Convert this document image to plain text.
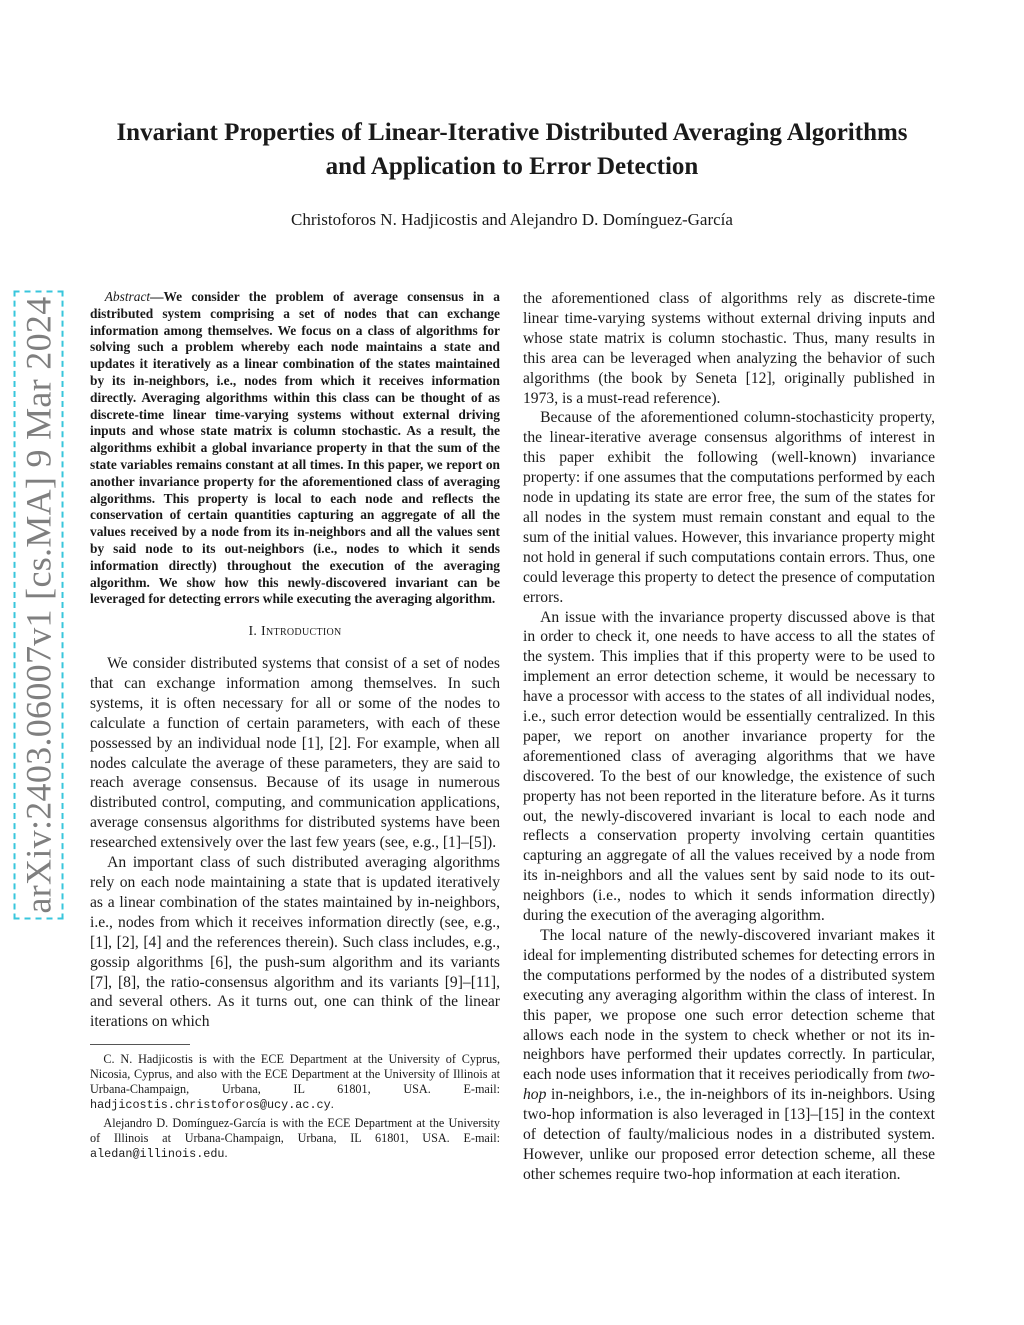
arXiv:2403.06007v1 [cs.MA] 9 Mar 2024
Invariant Properties of Linear-Iterative Distributed Averaging Algorithms and Application to Error Detection
Christoforos N. Hadjicostis and Alejandro D. Domínguez-García

Abstract—We consider the problem of average consensus in a distributed system comprising a set of nodes that can exchange information among themselves. We focus on a class of algorithms for solving such a problem whereby each node maintains a state and updates it iteratively as a linear combination of the states maintained by its in-neighbors, i.e., nodes from which it receives information directly. Averaging algorithms within this class can be thought of as discrete-time linear time-varying systems without external driving inputs and whose state matrix is column stochastic. As a result, the algorithms exhibit a global invariance property in that the sum of the state variables remains constant at all times. In this paper, we report on another invariance property for the aforementioned class of averaging algorithms. This property is local to each node and reflects the conservation of certain quantities capturing an aggregate of all the values received by a node from its in-neighbors and all the values sent by said node to its out-neighbors (i.e., nodes to which it sends information directly) throughout the execution of the averaging algorithm. We show how this newly-discovered invariant can be leveraged for detecting errors while executing the averaging algorithm.

I. Introduction

We consider distributed systems that consist of a set of nodes that can exchange information among themselves. In such systems, it is often necessary for all or some of the nodes to calculate a function of certain parameters, with each of these possessed by an individual node [1], [2]. For example, when all nodes calculate the average of these parameters, they are said to reach average consensus. Because of its usage in numerous distributed control, computing, and communication applications, average consensus algorithms for distributed systems have been researched extensively over the last few years (see, e.g., [1]–[5]).

An important class of such distributed averaging algorithms rely on each node maintaining a state that is updated iteratively as a linear combination of the states maintained by in-neighbors, i.e., nodes from which it receives information directly (see, e.g., [1], [2], [4] and the references therein). Such class includes, e.g., gossip algorithms [6], the push-sum algorithm and its variants [7], [8], the ratio-consensus algorithm and its variants [9]–[11], and several others. As it turns out, one can think of the linear iterations on which

C. N. Hadjicostis is with the ECE Department at the University of Cyprus, Nicosia, Cyprus, and also with the ECE Department at the University of Illinois at Urbana-Champaign, Urbana, IL 61801, USA. E-mail: hadjicostis.christoforos@ucy.ac.cy.

Alejandro D. Domínguez-García is with the ECE Department at the University of Illinois at Urbana-Champaign, Urbana, IL 61801, USA. E-mail: aledan@illinois.edu.

the aforementioned class of algorithms rely as discrete-time linear time-varying systems without external driving inputs and whose state matrix is column stochastic. Thus, many results in this area can be leveraged when analyzing the behavior of such algorithms (the book by Seneta [12], originally published in 1973, is a must-read reference).

Because of the aforementioned column-stochasticity property, the linear-iterative average consensus algorithms of interest in this paper exhibit the following (well-known) invariance property: if one assumes that the computations performed by each node in updating its state are error free, the sum of the states for all nodes in the system must remain constant and equal to the sum of the initial values. However, this invariance property might not hold in general if such computations contain errors. Thus, one could leverage this property to detect the presence of computation errors.

An issue with the invariance property discussed above is that in order to check it, one needs to have access to all the states of the system. This implies that if this property were to be used to implement an error detection scheme, it would be necessary to have a processor with access to the states of all individual nodes, i.e., such error detection would be essentially centralized. In this paper, we report on another invariance property for the aforementioned class of averaging algorithms that we have discovered. To the best of our knowledge, the existence of such property has not been reported in the literature before. As it turns out, the newly-discovered invariant is local to each node and reflects a conservation property involving certain quantities capturing an aggregate of all the values received by a node from its in-neighbors and all the values sent by said node to its out-neighbors (i.e., nodes to which it sends information directly) during the execution of the averaging algorithm.

The local nature of the newly-discovered invariant makes it ideal for implementing distributed schemes for detecting errors in the computations performed by the nodes of a distributed system executing any averaging algorithm within the class of interest. In this paper, we propose one such error detection scheme that allows each node in the system to check whether or not its in-neighbors have performed their updates correctly. In particular, each node uses information that it receives periodically from two-hop in-neighbors, i.e., the in-neighbors of its in-neighbors. Using two-hop information is also leveraged in [13]–[15] in the context of detection of faulty/malicious nodes in a distributed system. However, unlike our proposed error detection scheme, all these other schemes require two-hop information at each iteration.
